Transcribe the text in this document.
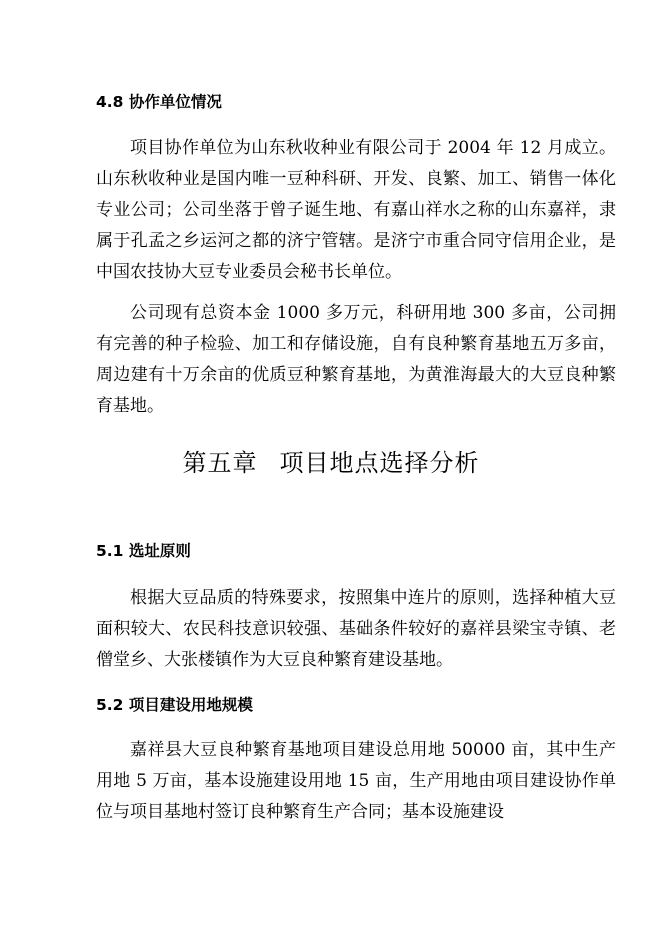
4.8 协作单位情况

项目协作单位为山东秋收种业有限公司于 2004 年 12 月成立。山东秋收种业是国内唯一豆种科研、开发、良繁、加工、销售一体化专业公司；公司坐落于曾子诞生地、有嘉山祥水之称的山东嘉祥，隶属于孔孟之乡运河之都的济宁管辖。是济宁市重合同守信用企业，是中国农技协大豆专业委员会秘书长单位。

公司现有总资本金 1000 多万元，科研用地 300 多亩，公司拥有完善的种子检验、加工和存储设施，自有良种繁育基地五万多亩，周边建有十万余亩的优质豆种繁育基地，为黄淮海最大的大豆良种繁育基地。

第五章 项目地点选择分析
5.1 选址原则

根据大豆品质的特殊要求，按照集中连片的原则，选择种植大豆面积较大、农民科技意识较强、基础条件较好的嘉祥县梁宝寺镇、老僧堂乡、大张楼镇作为大豆良种繁育建设基地。

5.2 项目建设用地规模

嘉祥县大豆良种繁育基地项目建设总用地 50000 亩，其中生产用地 5 万亩，基本设施建设用地 15 亩，生产用地由项目建设协作单位与项目基地村签订良种繁育生产合同；基本设施建设
